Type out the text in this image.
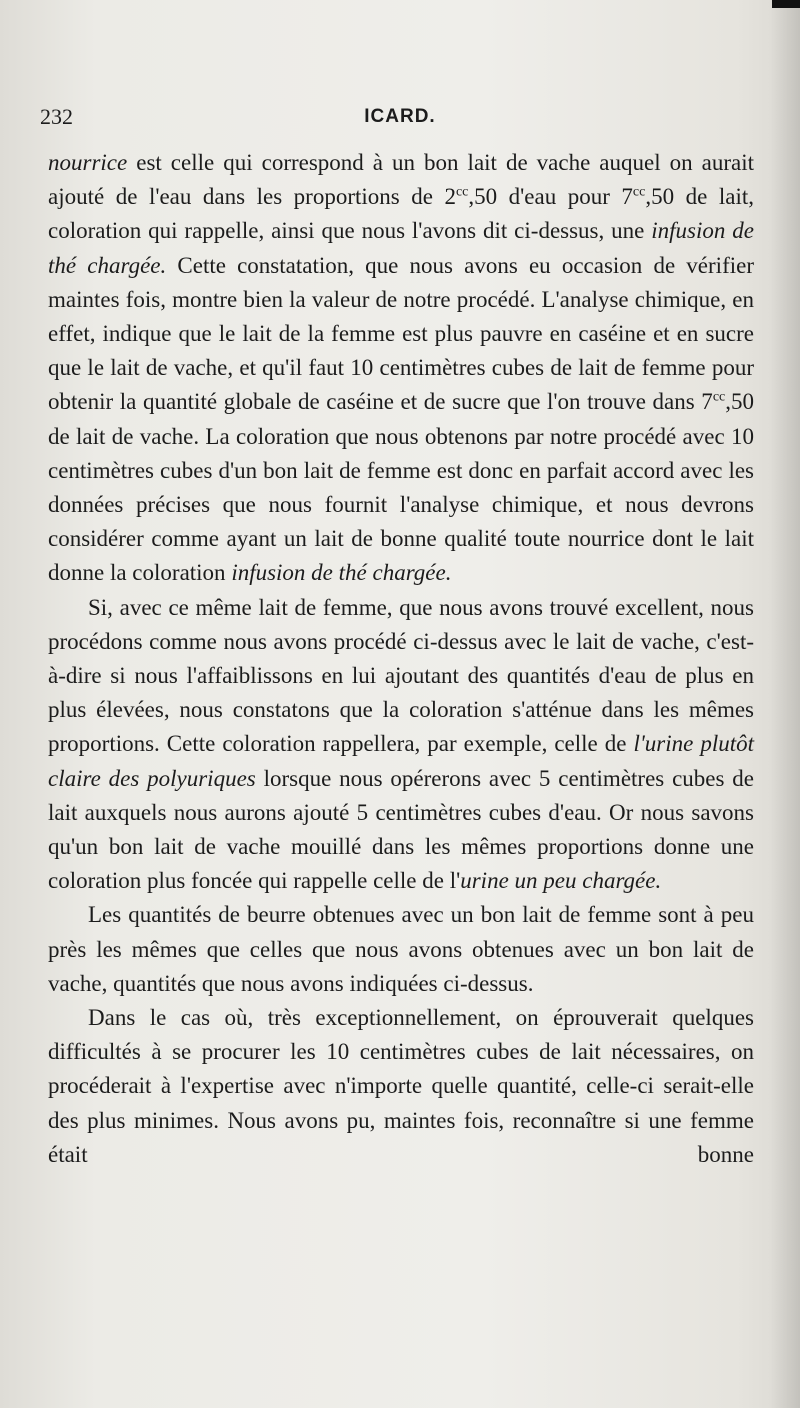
232	ICARD.

nourrice est celle qui correspond à un bon lait de vache auquel on aurait ajouté de l'eau dans les proportions de $2^{cc},50$ d'eau pour $7^{cc},50$ de lait, coloration qui rappelle, ainsi que nous l'avons dit ci-dessus, une infusion de thé chargée. Cette constatation, que nous avons eu occasion de vérifier maintes fois, montre bien la valeur de notre procédé. L'analyse chimique, en effet, indique que le lait de la femme est plus pauvre en caséine et en sucre que le lait de vache, et qu'il faut 10 centimètres cubes de lait de femme pour obtenir la quantité globale de caséine et de sucre que l'on trouve dans $7^{cc},50$ de lait de vache. La coloration que nous obtenons par notre procédé avec 10 centimètres cubes d'un bon lait de femme est donc en parfait accord avec les données précises que nous fournit l'analyse chimique, et nous devrons considérer comme ayant un lait de bonne qualité toute nourrice dont le lait donne la coloration infusion de thé chargée.

Si, avec ce même lait de femme, que nous avons trouvé excellent, nous procédons comme nous avons procédé ci-dessus avec le lait de vache, c'est-à-dire si nous l'affaiblissons en lui ajoutant des quantités d'eau de plus en plus élevées, nous constatons que la coloration s'atténue dans les mêmes proportions. Cette coloration rappellera, par exemple, celle de l'urine plutôt claire des polyuriques lorsque nous opérerons avec 5 centimètres cubes de lait auxquels nous aurons ajouté 5 centimètres cubes d'eau. Or nous savons qu'un bon lait de vache mouillé dans les mêmes proportions donne une coloration plus foncée qui rappelle celle de l'urine un peu chargée.

Les quantités de beurre obtenues avec un bon lait de femme sont à peu près les mêmes que celles que nous avons obtenues avec un bon lait de vache, quantités que nous avons indiquées ci-dessus.

Dans le cas où, très exceptionnellement, on éprouverait quelques difficultés à se procurer les 10 centimètres cubes de lait nécessaires, on procéderait à l'expertise avec n'importe quelle quantité, celle-ci serait-elle des plus minimes. Nous avons pu, maintes fois, reconnaître si une femme était bonne
